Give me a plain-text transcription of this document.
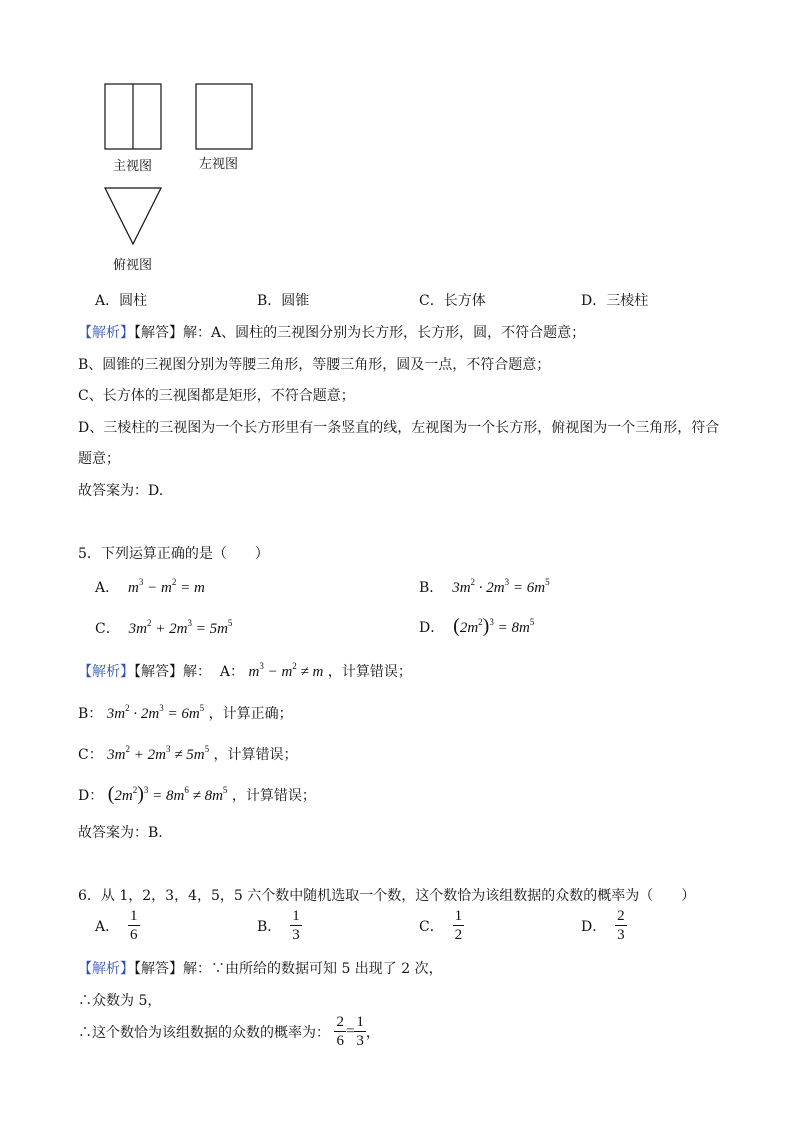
主视图	左视图
俯视图
A．圆柱	B．圆锥	C．长方体	D．三棱柱
【解析】【解答】解：A、圆柱的三视图分别为长方形，长方形，圆，不符合题意；
B、圆锥的三视图分别为等腰三角形，等腰三角形，圆及一点，不符合题意；
C、长方体的三视图都是矩形，不符合题意；
D、三棱柱的三视图为一个长方形里有一条竖直的线，左视图为一个长方形，俯视图为一个三角形，符合
题意；
故答案为：D.
5．下列运算正确的是（　　）
A． $m^3 - m^2 = m$	B． $3m^2 \cdot 2m^3 = 6m^5$
C． $3m^2 + 2m^3 = 5m^5$	D． $(2m^2)^3 = 8m^5$
【解析】【解答】解： A： $m^3 - m^2 \ne m$ ，计算错误；
B： $3m^2 \cdot 2m^3 = 6m^5$ ，计算正确；
C： $3m^2 + 2m^3 \ne 5m^5$ ，计算错误；
D： $(2m^2)^3 = 8m^6 \ne 8m^5$ ，计算错误；
故答案为：B.
6．从 1，2，3，4，5，5 六个数中随机选取一个数，这个数恰为该组数据的众数的概率为（　　）
A． $\frac{1}{6}$	B． $\frac{1}{3}$	C． $\frac{1}{2}$	D． $\frac{2}{3}$
【解析】【解答】解：∵由所给的数据可知 5 出现了 2 次，
∴众数为 5，
∴这个数恰为该组数据的众数的概率为： $\frac{2}{6} = \frac{1}{3}$ ，
